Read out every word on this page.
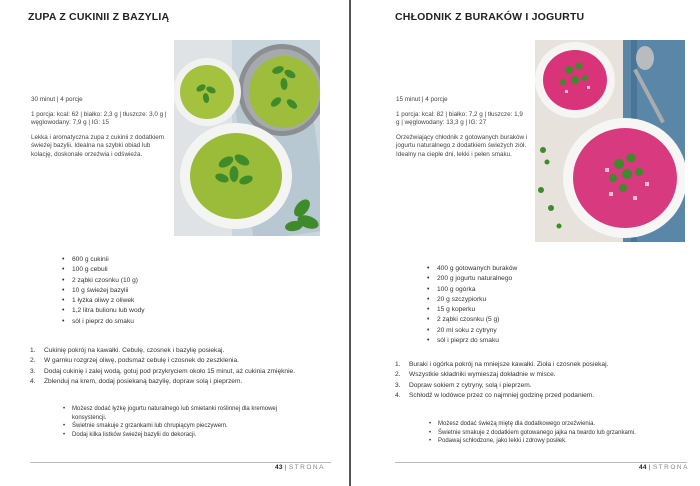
ZUPA Z CUKINII Z BAZYLIĄ

30 minut | 4 porcje

1 porcja: kcal: 62 | białko: 2,3 g | tłuszcze: 3,0 g | węglowodany: 7,9 g | IG: 15

Lekka i aromatyczna zupa z cukinii z dodatkiem świeżej bazylii. Idealna na szybki obiad lub kolację, doskonale orzeźwia i odświeża.

• 600 g cukinii
• 100 g cebuli
• 2 ząbki czosnku (10 g)
• 10 g świeżej bazylii
• 1 łyżka oliwy z oliwek
• 1,2 litra bulionu lub wody
• sól i pieprz do smaku
1. Cukinię pokrój na kawałki. Cebulę, czosnek i bazylię posiekaj.
2. W garnku rozgrzej oliwę, podsmaż cebulę i czosnek do zeszklenia.
3. Dodaj cukinię i zalej wodą, gotuj pod przykryciem około 15 minut, aż cukinia zmięknie.
4. Zblenduj na krem, dodaj posiekaną bazylię, dopraw solą i pieprzem.
• Możesz dodać łyżkę jogurtu naturalnego lub śmietanki roślinnej dla kremowej konsystencji.
• Świetnie smakuje z grzankami lub chrupiącym pieczywem.
• Dodaj kilka listków świeżej bazylii do dekoracji.
43 | STRONA
CHŁODNIK Z BURAKÓW I JOGURTU

15 minut | 4 porcje

1 porcja: kcal: 82 | białko: 7,2 g | tłuszcze: 1,9 g | węglowodany: 13,3 g | IG: 27

Orzeźwiający chłodnik z gotowanych buraków i jogurtu naturalnego z dodatkiem świeżych ziół. Idealny na ciepłe dni, lekki i pełen smaku.

• 400 g gotowanych buraków
• 200 g jogurtu naturalnego
• 100 g ogórka
• 20 g szczypiorku
• 15 g koperku
• 2 ząbki czosnku (5 g)
• 20 ml soku z cytryny
• sól i pieprz do smaku
1. Buraki i ogórka pokrój na mniejsze kawałki. Zioła i czosnek posiekaj.
2. Wszystkie składniki wymieszaj dokładnie w misce.
3. Dopraw sokiem z cytryny, solą i pieprzem.
4. Schłodź w lodówce przez co najmniej godzinę przed podaniem.
• Możesz dodać świeżą miętę dla dodatkowego orzeźwienia.
• Świetnie smakuje z dodatkiem gotowanego jajka na twardo lub grzankami.
• Podawaj schłodzone, jako lekki i zdrowy posiłek.
44 | STRONA
